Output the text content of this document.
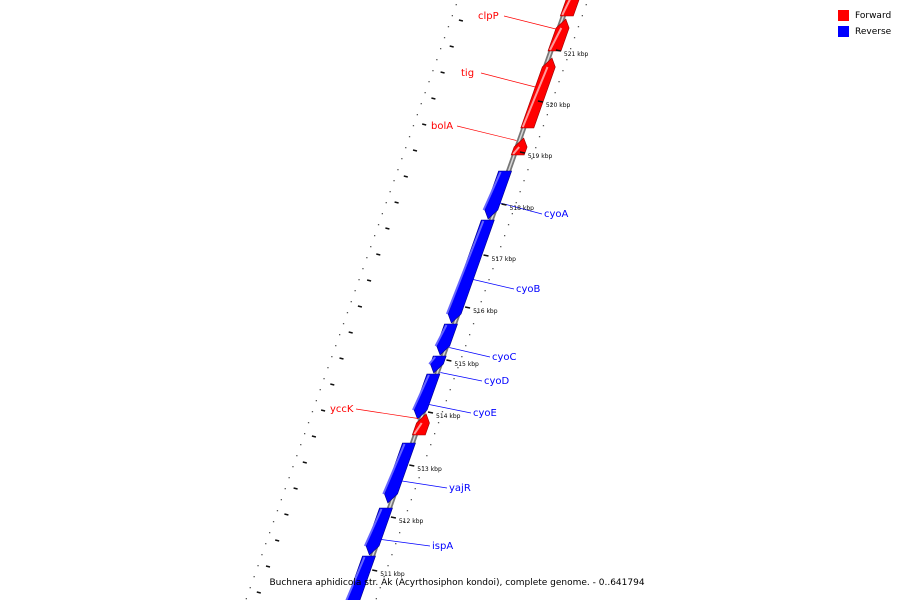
clpP
tig
bolA
cyoA
cyoB
cyoC
cyoD
cyoE
yccK
yajR
ispA
521 kbp
520 kbp
519 kbp
518 kbp
517 kbp
516 kbp
515 kbp
514 kbp
513 kbp
512 kbp
511 kbp
Forward
Reverse
Buchnera aphidicola str. Ak (Acyrthosiphon kondoi), complete genome. - 0..641794
